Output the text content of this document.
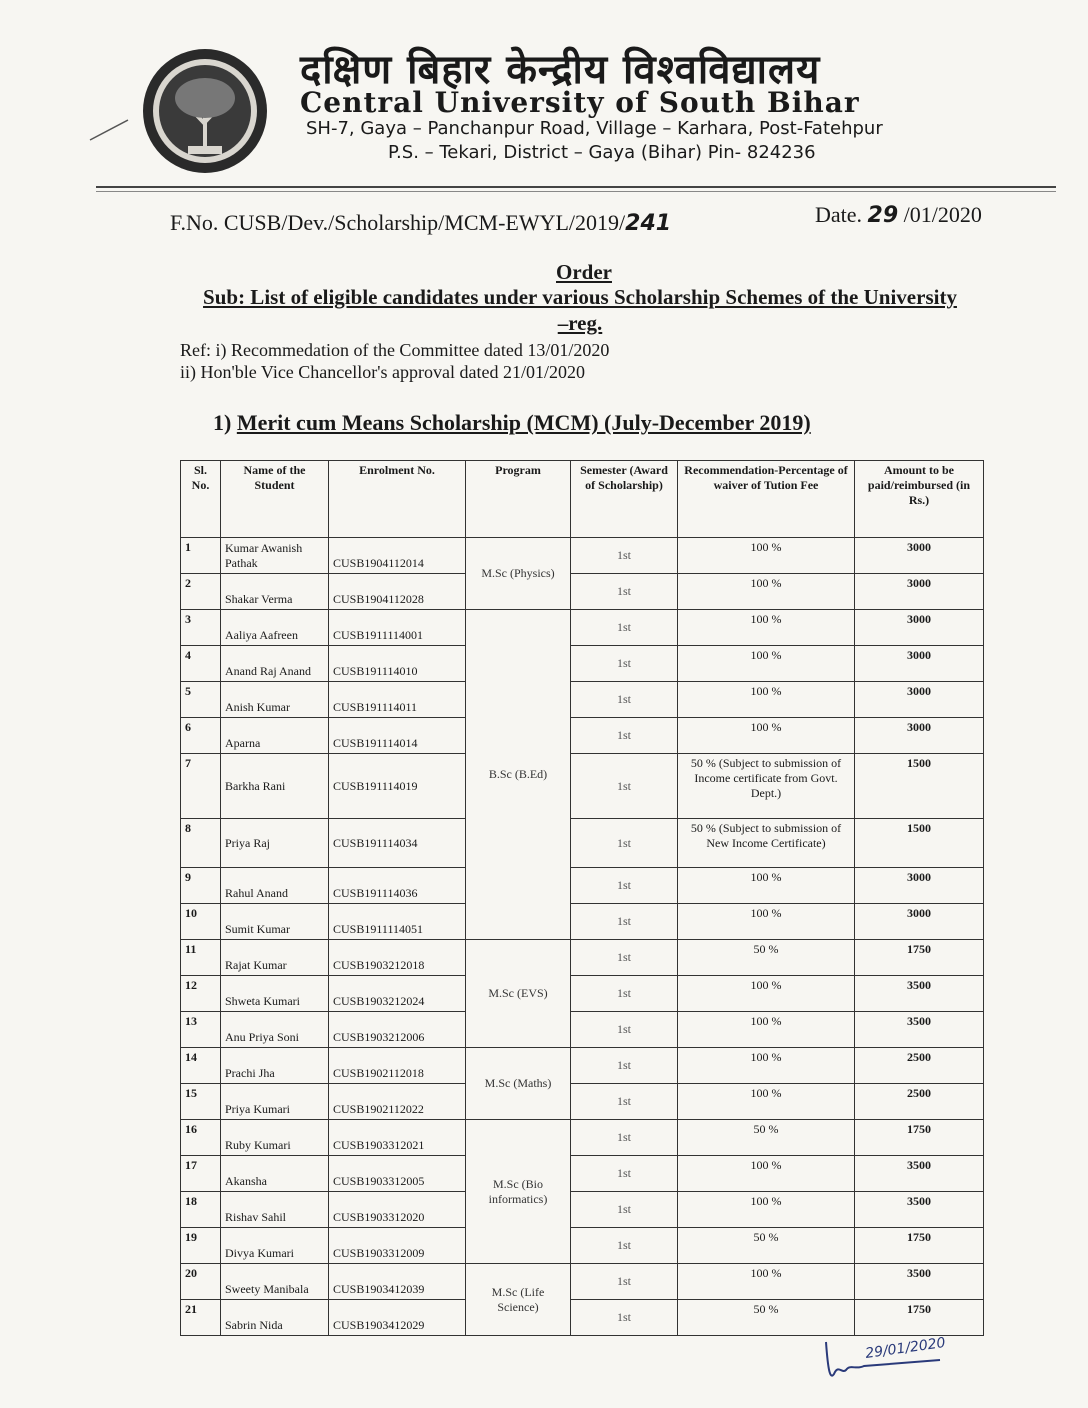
दक्षिण बिहार केन्द्रीय विश्वविद्यालय
Central University of South Bihar
SH-7, Gaya – Panchanpur Road, Village – Karhara, Post-Fatehpur
P.S. – Tekari, District – Gaya (Bihar) Pin- 824236
F.No. CUSB/Dev./Scholarship/MCM-EWYL/2019/241	Date. 29 /01/2020
Order
Sub: List of eligible candidates under various Scholarship Schemes of the University –reg.
Ref: i) Recommedation of the Committee dated 13/01/2020
ii) Hon'ble Vice Chancellor's approval dated 21/01/2020
1) Merit cum Means Scholarship (MCM) (July-December 2019)
Sl. No.	Name of the Student	Enrolment No.	Program	Semester (Award of Scholarship)	Recommendation-Percentage of waiver of Tution Fee	Amount to be paid/reimbursed (in Rs.)
1	Kumar Awanish Pathak	CUSB1904112014	M.Sc (Physics)	1st	100 %	3000
2	Shakar Verma	CUSB1904112028		1st	100 %	3000
3	Aaliya Aafreen	CUSB1911114001	B.Sc (B.Ed)	1st	100 %	3000
4	Anand Raj Anand	CUSB191114010		1st	100 %	3000
5	Anish Kumar	CUSB191114011		1st	100 %	3000
6	Aparna	CUSB191114014		1st	100 %	3000
7	Barkha Rani	CUSB191114019		1st	50 % (Subject to submission of Income certificate from Govt. Dept.)	1500
8	Priya Raj	CUSB191114034		1st	50 % (Subject to submission of New Income Certificate)	1500
9	Rahul Anand	CUSB191114036		1st	100 %	3000
10	Sumit Kumar	CUSB1911114051		1st	100 %	3000
11	Rajat Kumar	CUSB1903212018	M.Sc (EVS)	1st	50 %	1750
12	Shweta Kumari	CUSB1903212024		1st	100 %	3500
13	Anu Priya Soni	CUSB1903212006		1st	100 %	3500
14	Prachi Jha	CUSB1902112018	M.Sc (Maths)	1st	100 %	2500
15	Priya Kumari	CUSB1902112022		1st	100 %	2500
16	Ruby Kumari	CUSB1903312021	M.Sc (Bio informatics)	1st	50 %	1750
17	Akansha	CUSB1903312005		1st	100 %	3500
18	Rishav Sahil	CUSB1903312020		1st	100 %	3500
19	Divya Kumari	CUSB1903312009		1st	50 %	1750
20	Sweety Manibala	CUSB1903412039	M.Sc (Life Science)	1st	100 %	3500
21	Sabrin Nida	CUSB1903412029		1st	50 %	1750
29/01/2020
